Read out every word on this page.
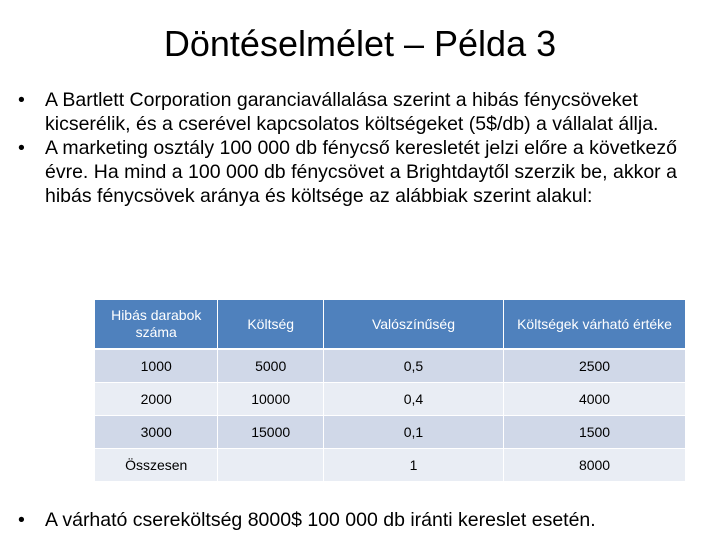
Döntéselmélet – Példa 3
• A Bartlett Corporation garanciavállalása szerint a hibás fénycsöveket kicserélik, és a cserével kapcsolatos költségeket (5$/db) a vállalat állja.
• A marketing osztály 100 000 db fénycső keresletét jelzi előre a következő évre. Ha mind a 100 000 db fénycsövet a Brightdaytől szerzik be, akkor a hibás fénycsövek aránya és költsége az alábbiak szerint alakul:
Hibás darabok száma	Költség	Valószínűség	Költségek várható értéke
1000	5000	0,5	2500
2000	10000	0,4	4000
3000	15000	0,1	1500
Összesen		1	8000
• A várható csereköltség 8000$ 100 000 db iránti kereslet esetén.
